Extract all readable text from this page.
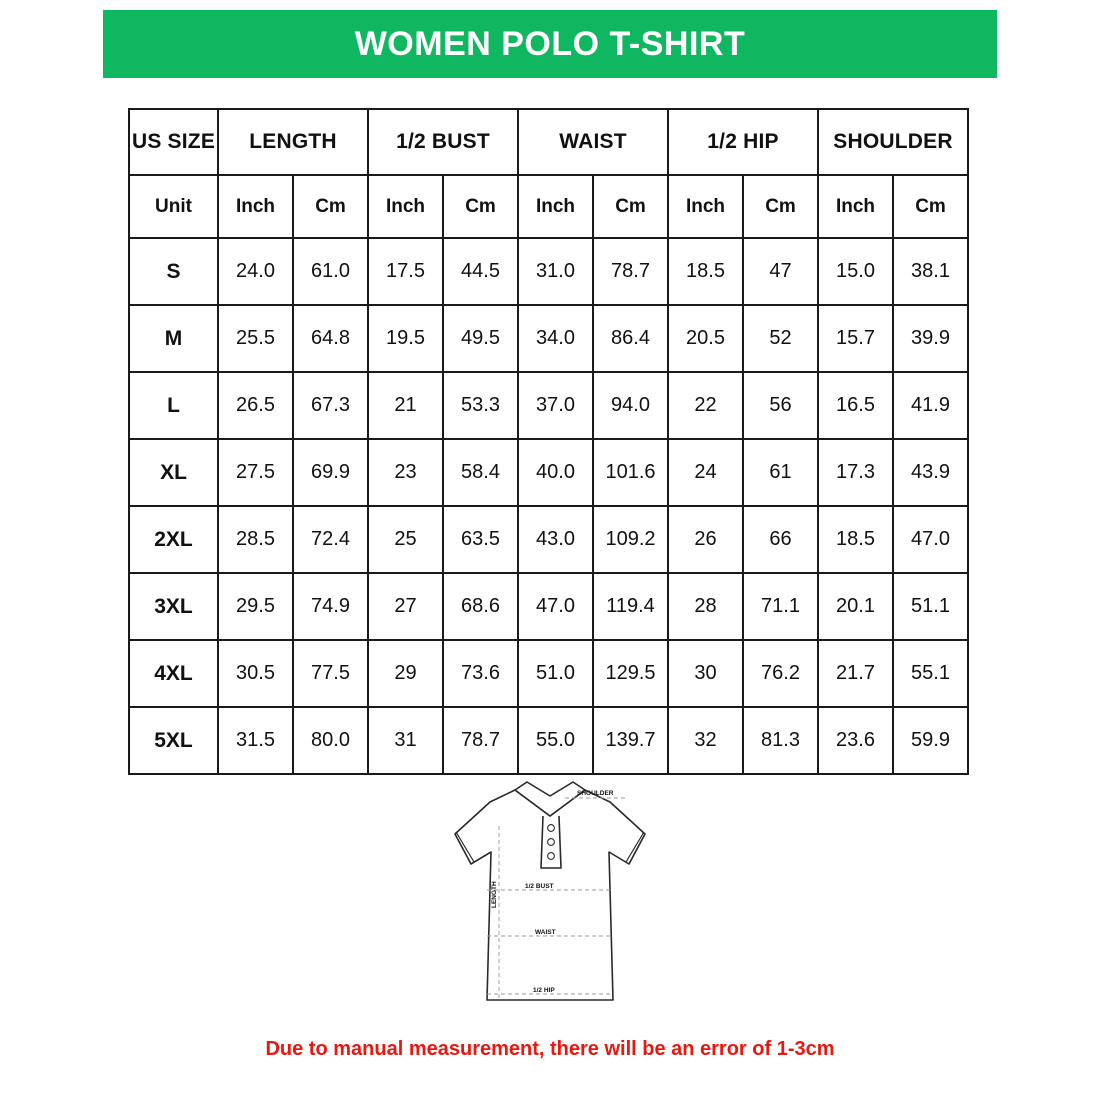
WOMEN POLO T-SHIRT
US SIZE	LENGTH		1/2 BUST		WAIST		1/2 HIP		SHOULDER	
Unit	Inch	Cm	Inch	Cm	Inch	Cm	Inch	Cm	Inch	Cm
S	24.0	61.0	17.5	44.5	31.0	78.7	18.5	47	15.0	38.1
M	25.5	64.8	19.5	49.5	34.0	86.4	20.5	52	15.7	39.9
L	26.5	67.3	21	53.3	37.0	94.0	22	56	16.5	41.9
XL	27.5	69.9	23	58.4	40.0	101.6	24	61	17.3	43.9
2XL	28.5	72.4	25	63.5	43.0	109.2	26	66	18.5	47.0
3XL	29.5	74.9	27	68.6	47.0	119.4	28	71.1	20.1	51.1
4XL	30.5	77.5	29	73.6	51.0	129.5	30	76.2	21.7	55.1
5XL	31.5	80.0	31	78.7	55.0	139.7	32	81.3	23.6	59.9
SHOULDER
LENGTH	1/2 BUST
WAIST
1/2 HIP
Due to manual measurement, there will be an error of 1-3cm
